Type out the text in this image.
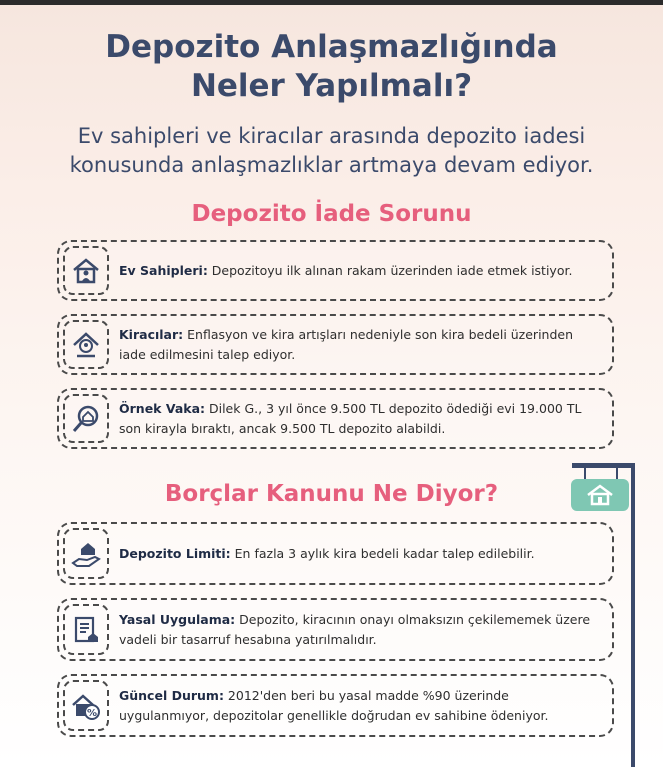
Depozito Anlaşmazlığında
Neler Yapılmalı?
Ev sahipleri ve kiracılar arasında depozito iadesi
konusunda anlaşmazlıklar artmaya devam ediyor.
Depozito İade Sorunu
Ev Sahipleri: Depozitoyu ilk alınan rakam üzerinden iade etmek istiyor.
Kiracılar: Enflasyon ve kira artışları nedeniyle son kira bedeli üzerinden iade edilmesini talep ediyor.
Örnek Vaka: Dilek G., 3 yıl önce 9.500 TL depozito ödediği evi 19.000 TL son kirayla bıraktı, ancak 9.500 TL depozito alabildi.
Borçlar Kanunu Ne Diyor?
Depozito Limiti: En fazla 3 aylık kira bedeli kadar talep edilebilir.
Yasal Uygulama: Depozito, kiracının onayı olmaksızın çekilememek üzere vadeli bir tasarruf hesabına yatırılmalıdır.
%
Güncel Durum: 2012'den beri bu yasal madde %90 üzerinde uygulanmıyor, depozitolar genellikle doğrudan ev sahibine ödeniyor.
